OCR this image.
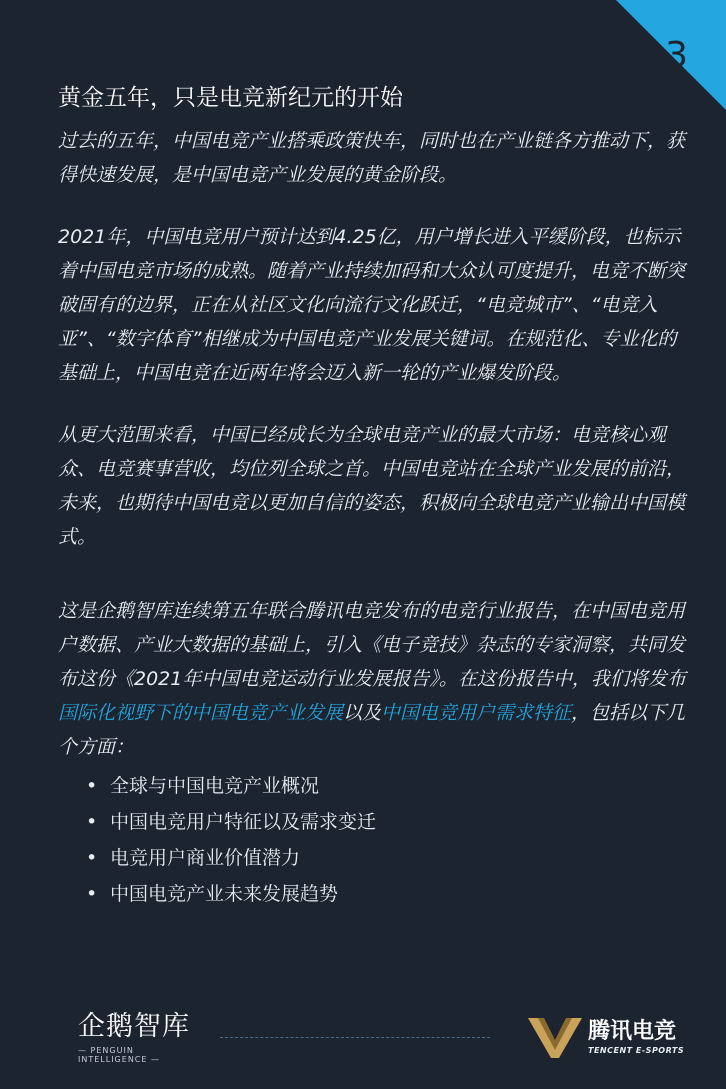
3
黄金五年，只是电竞新纪元的开始

过去的五年，中国电竞产业搭乘政策快车，同时也在产业链各方推动下，获得快速发展，是中国电竞产业发展的黄金阶段。

2021年，中国电竞用户预计达到4.25亿，用户增长进入平缓阶段，也标示着中国电竞市场的成熟。随着产业持续加码和大众认可度提升，电竞不断突破固有的边界，正在从社区文化向流行文化跃迁，“电竞城市”、“电竞入亚”、“数字体育”相继成为中国电竞产业发展关键词。在规范化、专业化的基础上，中国电竞在近两年将会迈入新一轮的产业爆发阶段。

从更大范围来看，中国已经成长为全球电竞产业的最大市场：电竞核心观众、电竞赛事营收，均位列全球之首。中国电竞站在全球产业发展的前沿，未来，也期待中国电竞以更加自信的姿态，积极向全球电竞产业输出中国模式。

这是企鹅智库连续第五年联合腾讯电竞发布的电竞行业报告，在中国电竞用户数据、产业大数据的基础上，引入《电子竞技》杂志的专家洞察，共同发布这份《2021年中国电竞运动行业发展报告》。在这份报告中，我们将发布国际化视野下的中国电竞产业发展以及中国电竞用户需求特征，包括以下几个方面：

• 全球与中国电竞产业概况
• 中国电竞用户特征以及需求变迁
• 电竞用户商业价值潜力
• 中国电竞产业未来发展趋势
企鹅智库
— PENGUIN INTELLIGENCE —
腾讯电竞
TENCENT E-SPORTS
